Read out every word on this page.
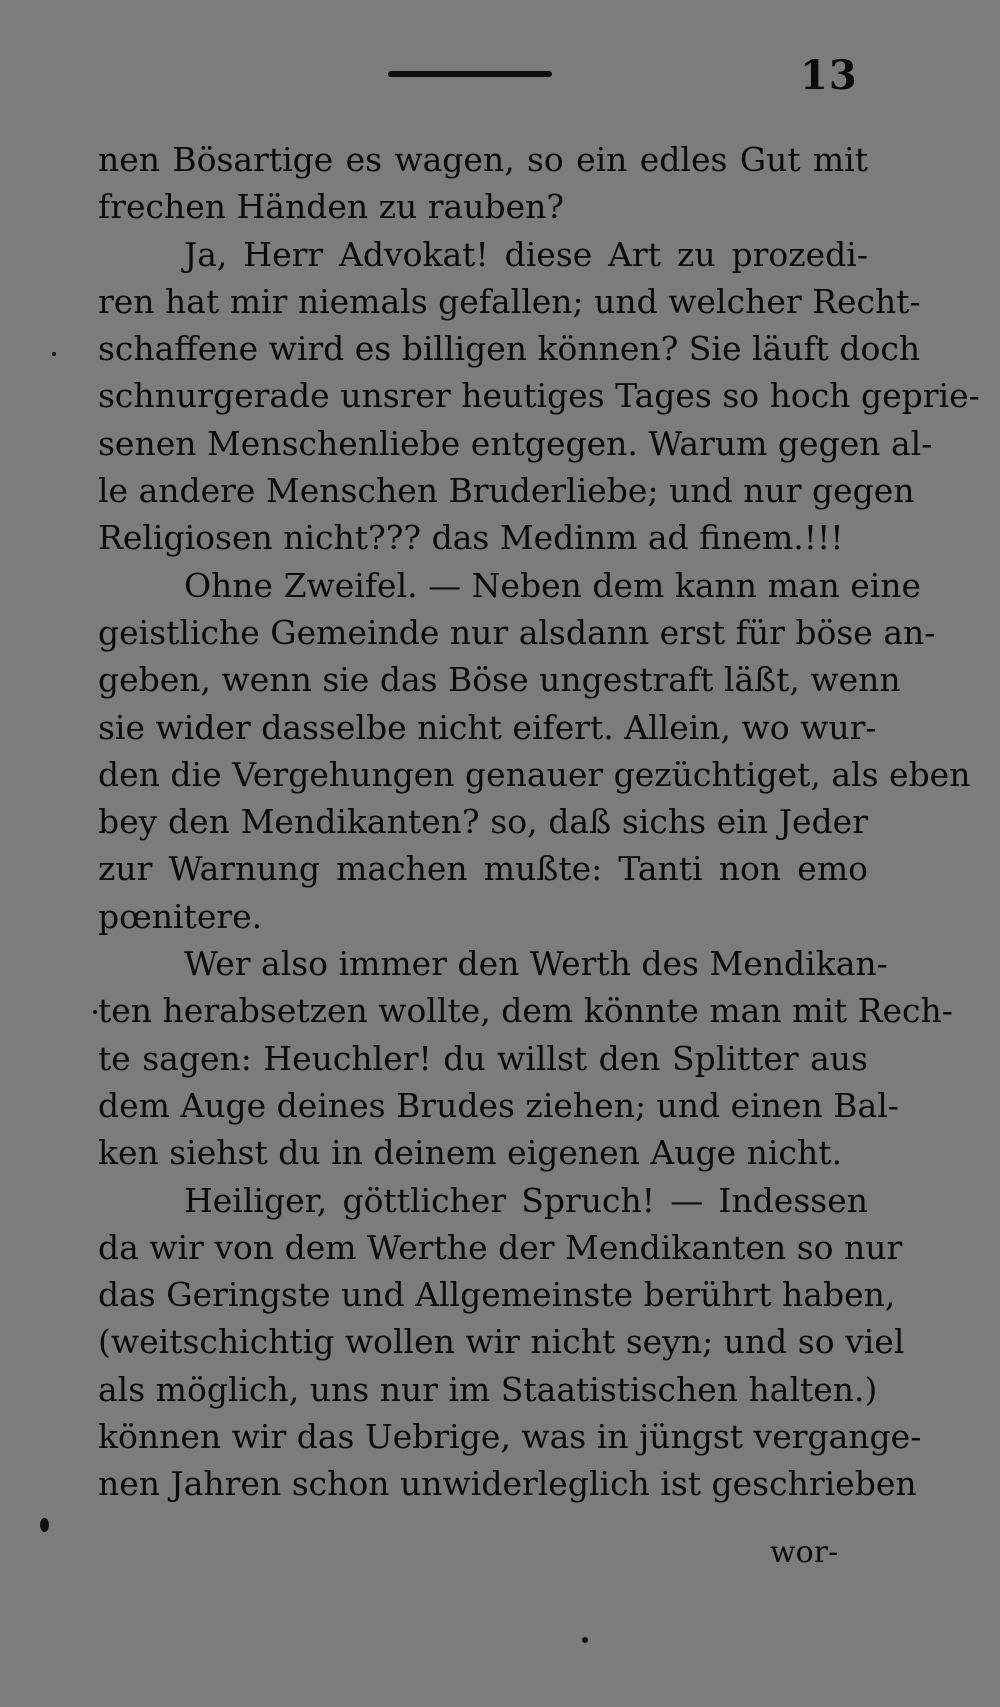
13
nen Bösartige es wagen, so ein edles Gut mit
frechen Händen zu rauben?
Ja, Herr Advokat! diese Art zu prozedi-
ren hat mir niemals gefallen; und welcher Recht-
schaffene wird es billigen können? Sie läuft doch
schnurgerade unsrer heutiges Tages so hoch geprie-
senen Menschenliebe entgegen. Warum gegen al-
le andere Menschen Bruderliebe; und nur gegen
Religiosen nicht??? das Medinm ad finem.!!!
Ohne Zweifel. — Neben dem kann man eine
geistliche Gemeinde nur alsdann erst für böse an-
geben, wenn sie das Böse ungestraft läßt, wenn
sie wider dasselbe nicht eifert. Allein, wo wur-
den die Vergehungen genauer gezüchtiget, als eben
bey den Mendikanten? so, daß sichs ein Jeder
zur Warnung machen mußte: Tanti non emo
pœnitere.
Wer also immer den Werth des Mendikan-
ten herabsetzen wollte, dem könnte man mit Rech-
te sagen: Heuchler! du willst den Splitter aus
dem Auge deines Brudes ziehen; und einen Bal-
ken siehst du in deinem eigenen Auge nicht.
Heiliger, göttlicher Spruch! — Indessen
da wir von dem Werthe der Mendikanten so nur
das Geringste und Allgemeinste berührt haben,
(weitschichtig wollen wir nicht seyn; und so viel
als möglich, uns nur im Staatistischen halten.)
können wir das Uebrige, was in jüngst vergange-
nen Jahren schon unwiderleglich ist geschrieben
wor-
